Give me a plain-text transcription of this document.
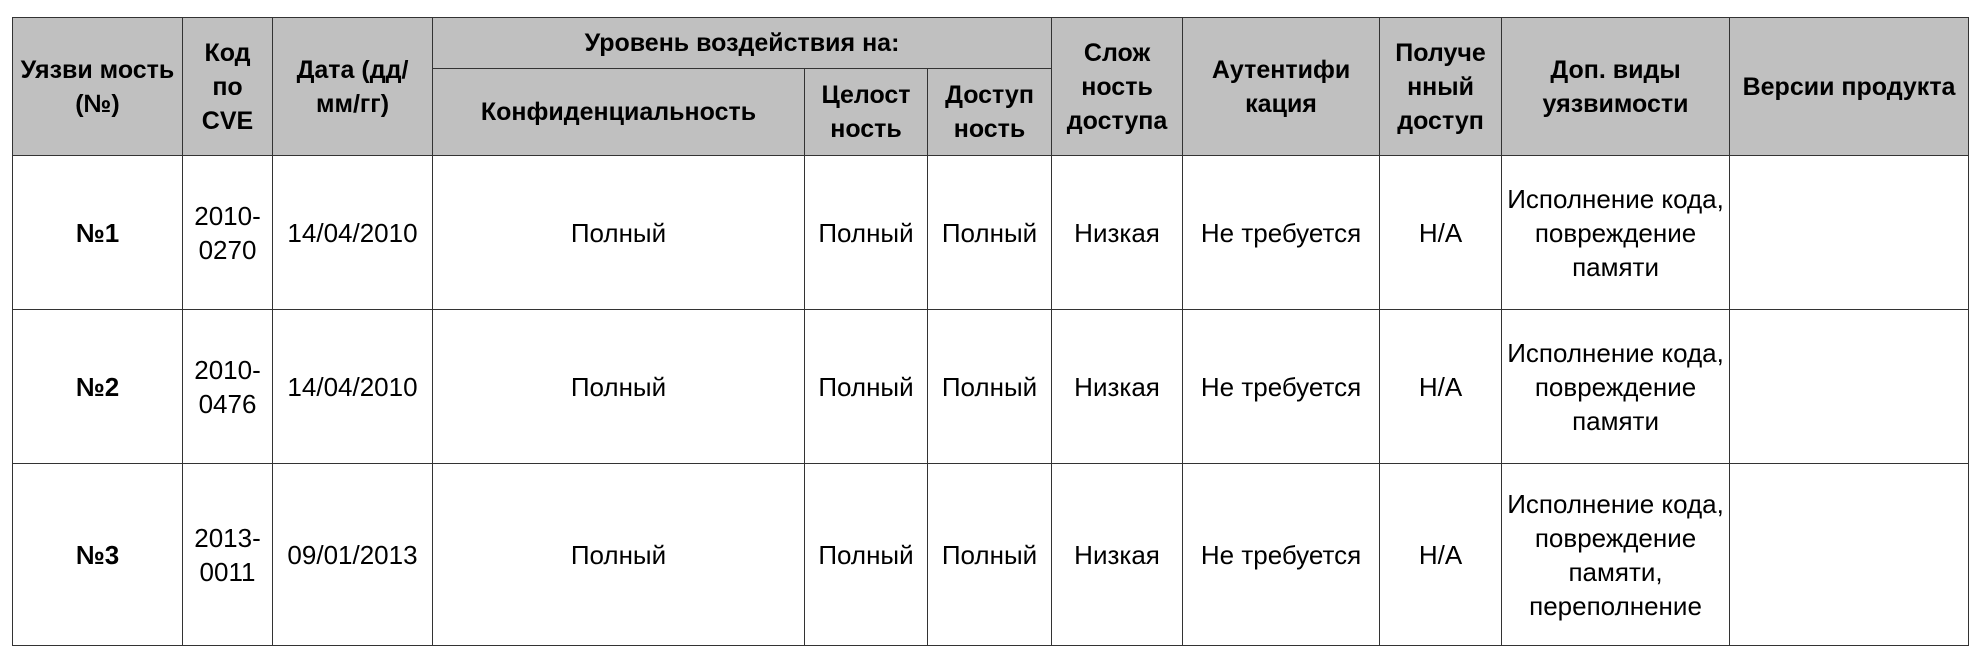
Уязви мость (№)	Код по CVE	Дата (дд/ мм/гг)	Уровень воздействия на:			Слож ность доступа	Аутентифи кация	Получе нный доступ	Доп. виды уязвимости	Версии продукта
			Конфиденциальность	Целост ность	Доступ ность					
№1	2010- 0270	14/04/2010	Полный	Полный	Полный	Низкая	Не требуется	Н/А	Исполнение кода, повреждение памяти	
№2	2010- 0476	14/04/2010	Полный	Полный	Полный	Низкая	Не требуется	Н/А	Исполнение кода, повреждение памяти	
№3	2013- 0011	09/01/2013	Полный	Полный	Полный	Низкая	Не требуется	Н/А	Исполнение кода, повреждение памяти, переполнение	
